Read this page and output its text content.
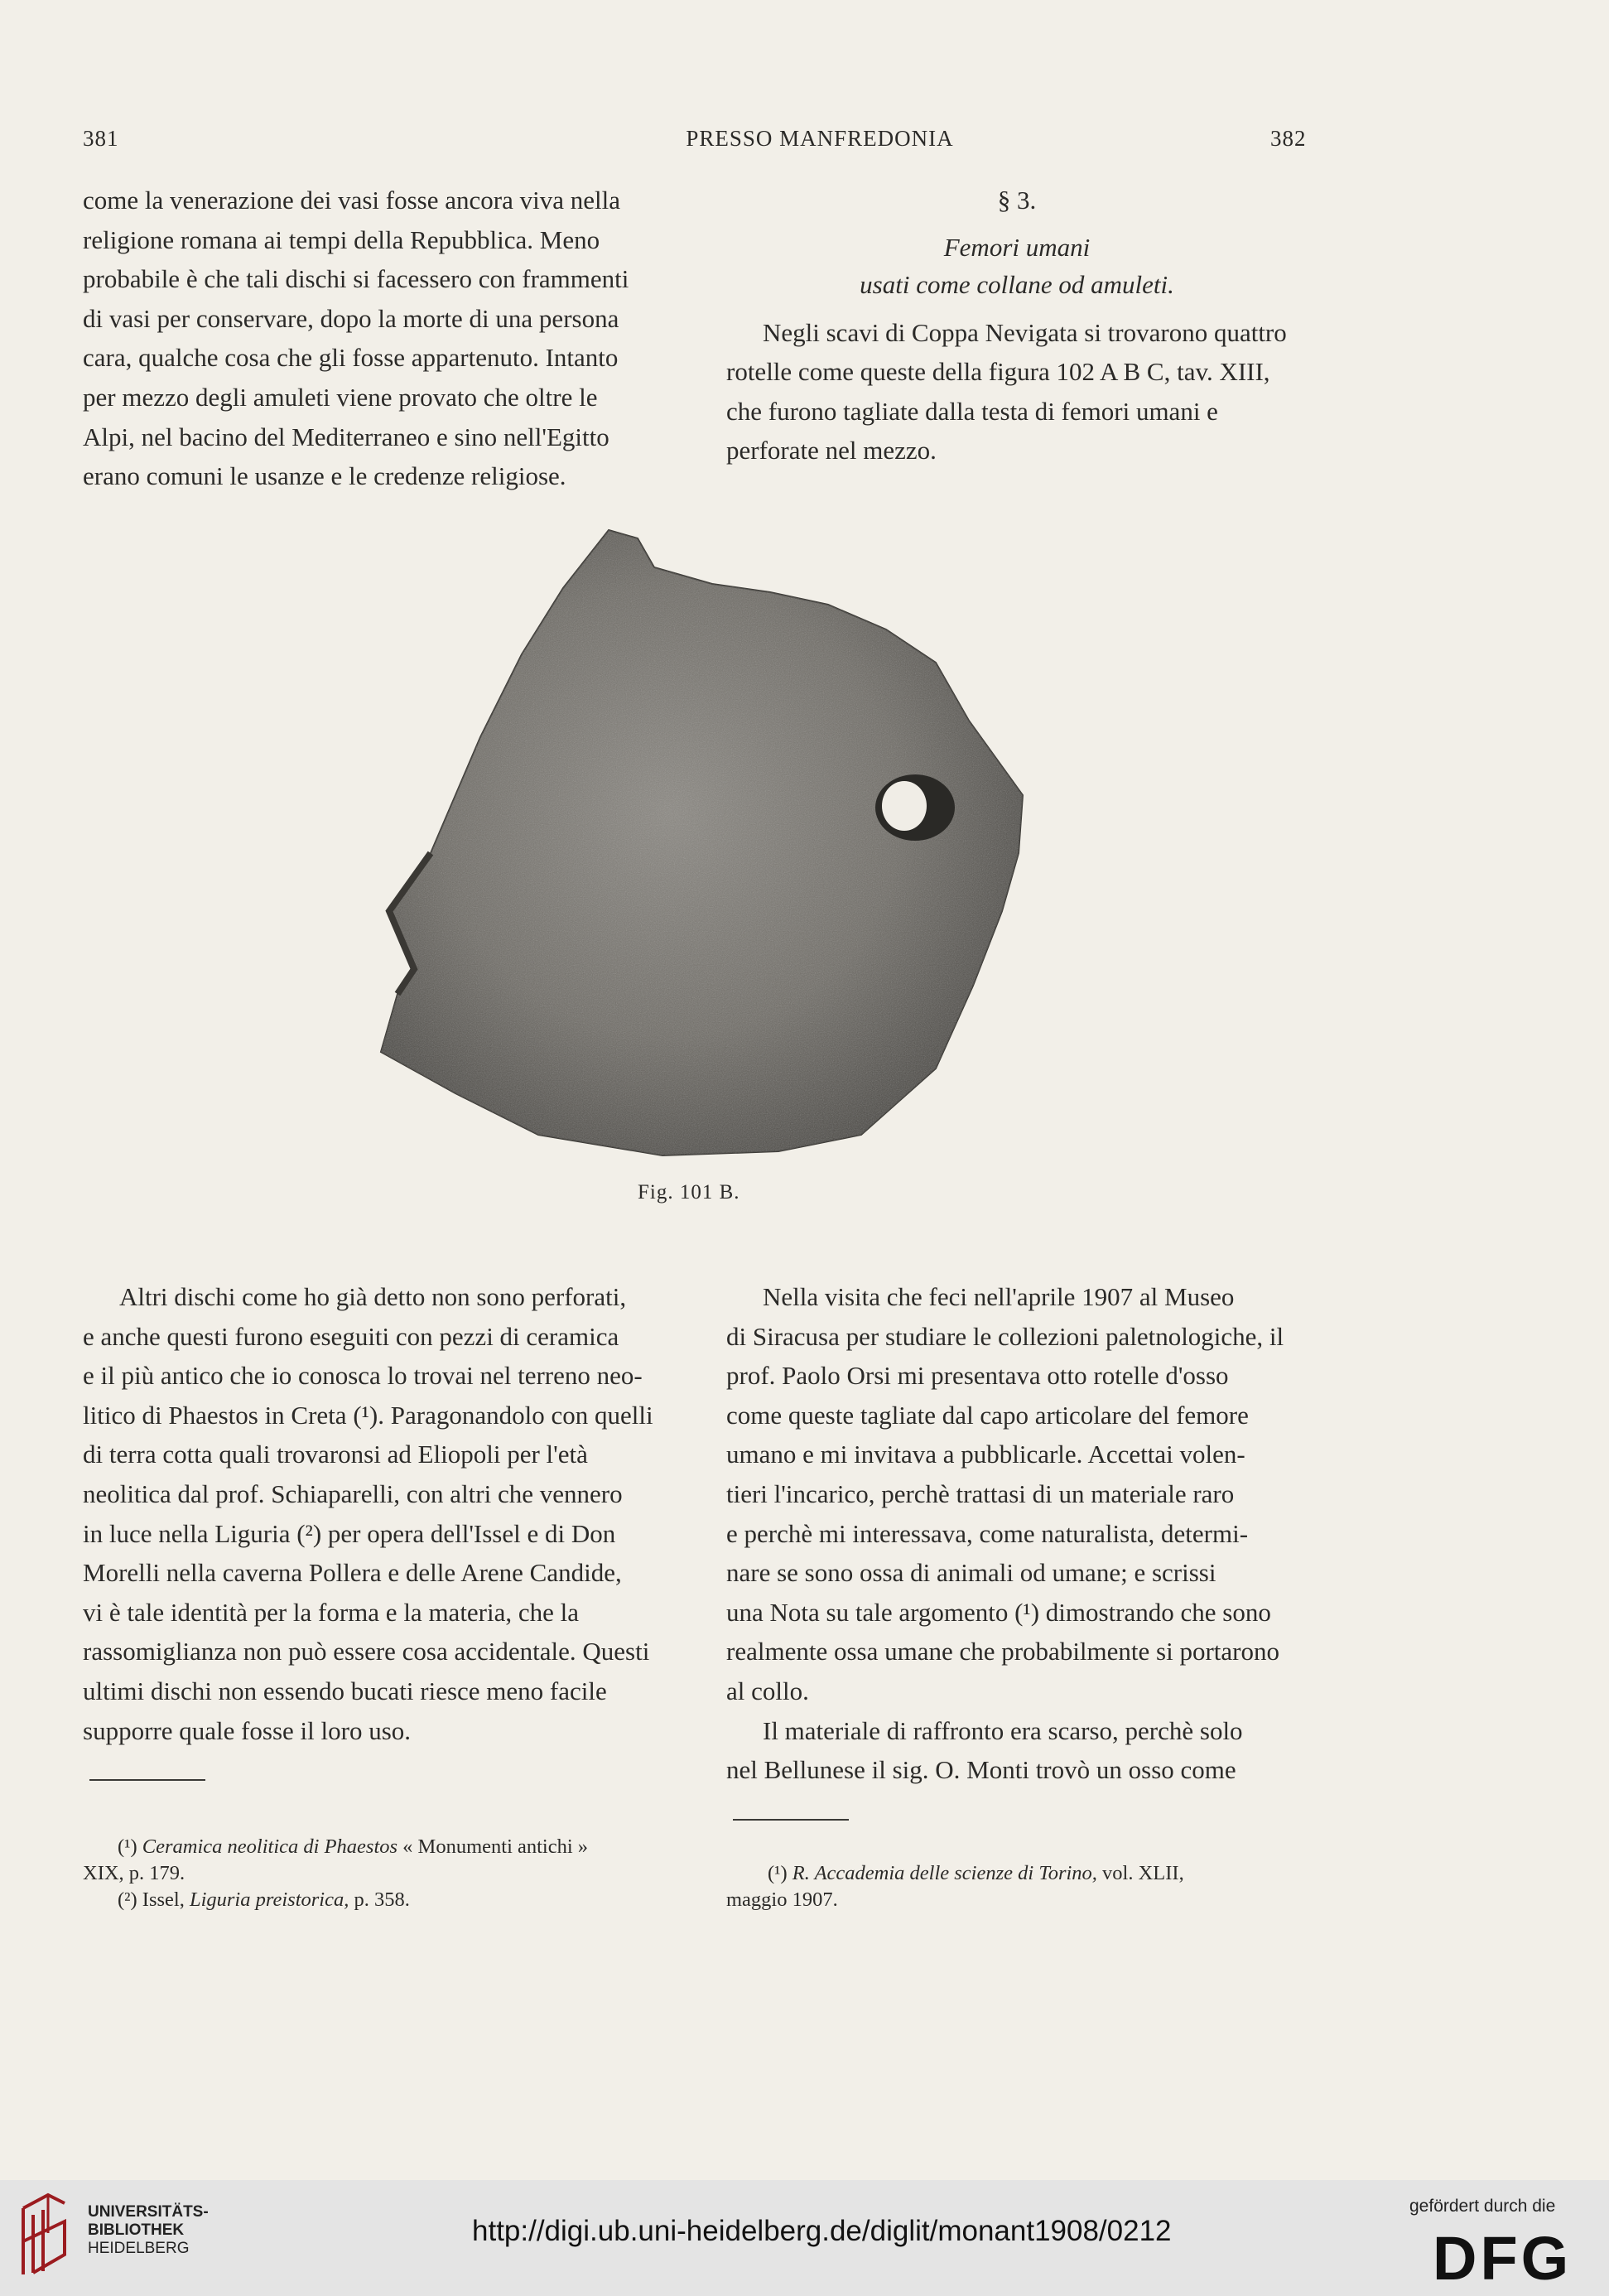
381	PRESSO MANFREDONIA	382

come la venerazione dei vasi fosse ancora viva nella

religione romana ai tempi della Repubblica. Meno

probabile è che tali dischi si facessero con frammenti

di vasi per conservare, dopo la morte di una persona

cara, qualche cosa che gli fosse appartenuto. Intanto

per mezzo degli amuleti viene provato che oltre le

Alpi, nel bacino del Mediterraneo e sino nell'Egitto

erano comuni le usanze e le credenze religiose.

§ 3.

Femori umani

usati come collane od amuleti.

Negli scavi di Coppa Nevigata si trovarono quattro

rotelle come queste della figura 102 A B C, tav. XIII,

che furono tagliate dalla testa di femori umani e

perforate nel mezzo.

Fig. 101 B.

Altri dischi come ho già detto non sono perforati,

e anche questi furono eseguiti con pezzi di ceramica

e il più antico che io conosca lo trovai nel terreno neo-

litico di Phaestos in Creta (¹). Paragonandolo con quelli

di terra cotta quali trovaronsi ad Eliopoli per l'età

neolitica dal prof. Schiaparelli, con altri che vennero

in luce nella Liguria (²) per opera dell'Issel e di Don

Morelli nella caverna Pollera e delle Arene Candide,

vi è tale identità per la forma e la materia, che la

rassomiglianza non può essere cosa accidentale. Questi

ultimi dischi non essendo bucati riesce meno facile

supporre quale fosse il loro uso.

Nella visita che feci nell'aprile 1907 al Museo

di Siracusa per studiare le collezioni paletnologiche, il

prof. Paolo Orsi mi presentava otto rotelle d'osso

come queste tagliate dal capo articolare del femore

umano e mi invitava a pubblicarle. Accettai volen-

tieri l'incarico, perchè trattasi di un materiale raro

e perchè mi interessava, come naturalista, determi-

nare se sono ossa di animali od umane; e scrissi

una Nota su tale argomento (¹) dimostrando che sono

realmente ossa umane che probabilmente si portarono

al collo.

Il materiale di raffronto era scarso, perchè solo

nel Bellunese il sig. O. Monti trovò un osso come

(¹) Ceramica neolitica di Phaestos « Monumenti antichi »
XIX, p. 179.
(²) Issel, Liguria preistorica, p. 358.
(¹) R. Accademia delle scienze di Torino, vol. XLII,
maggio 1907.
UNIVERSITÄTS-
BIBLIOTHEK
HEIDELBERG
http://digi.ub.uni-heidelberg.de/diglit/monant1908/0212
gefördert durch die
DFG
